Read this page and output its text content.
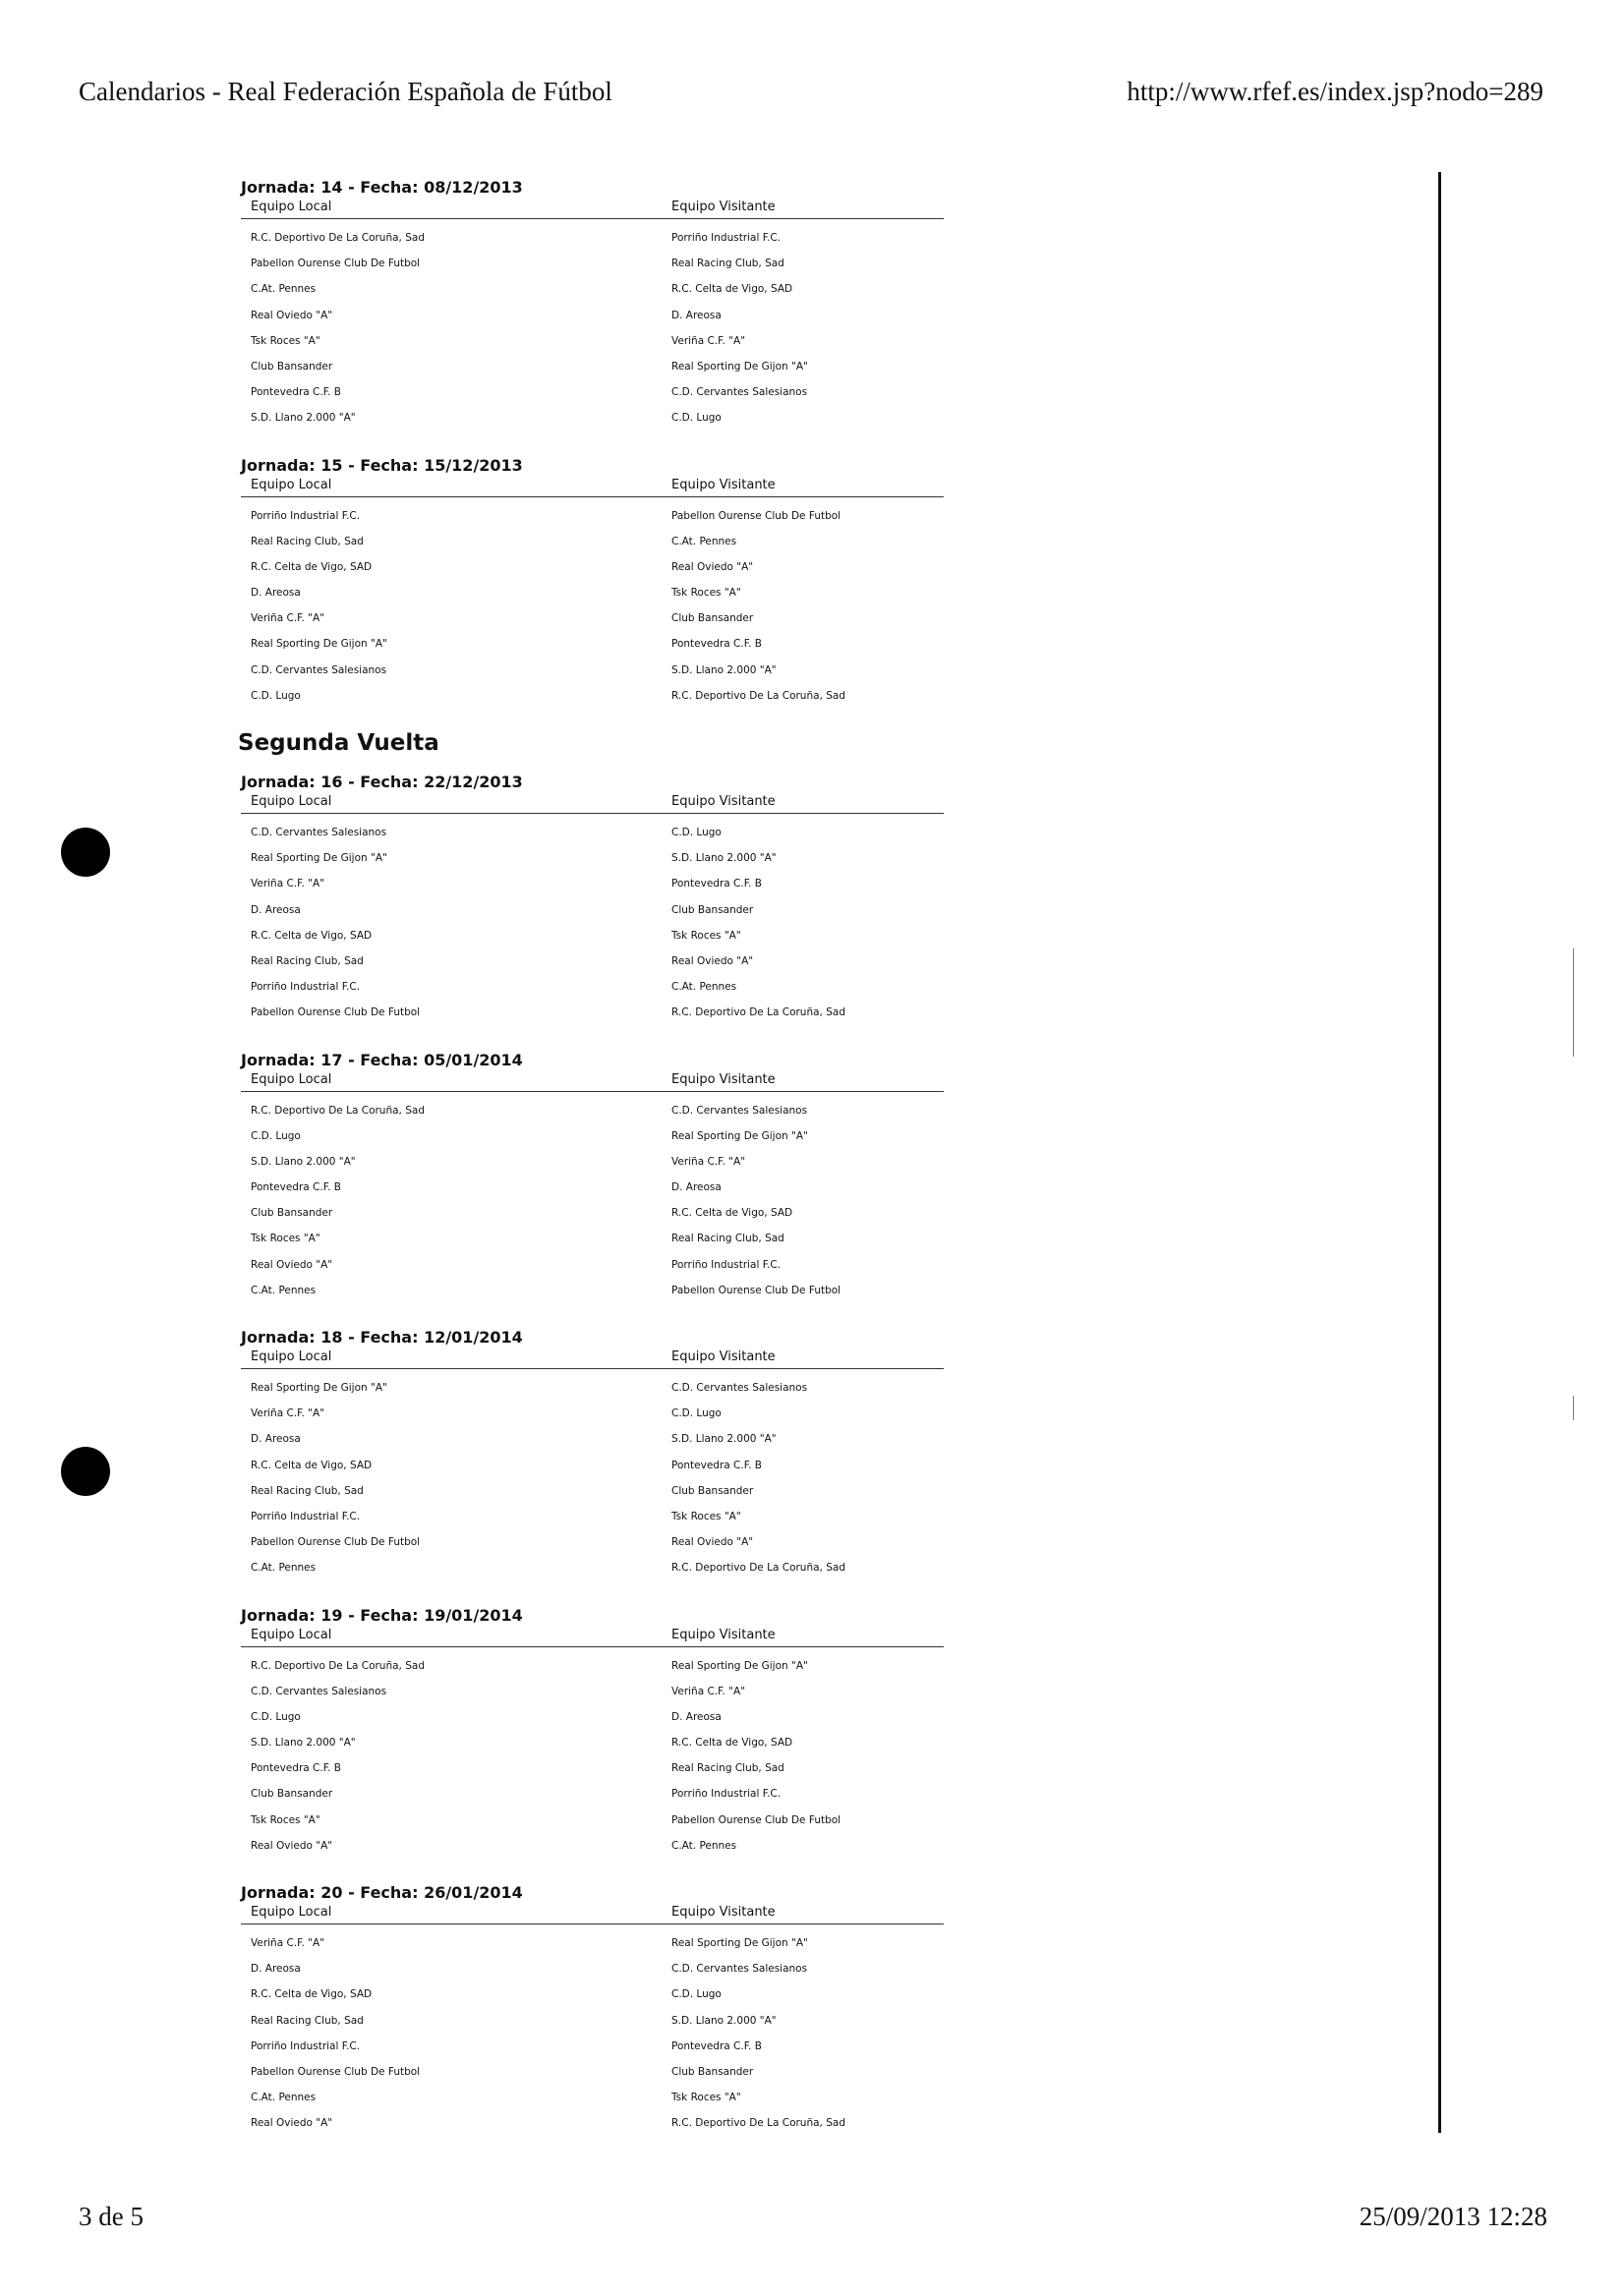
Calendarios - Real Federación Española de Fútbol	http://www.rfef.es/index.jsp?nodo=289
Jornada: 14 - Fecha: 08/12/2013
Equipo Local	Equipo Visitante
R.C. Deportivo De La Coruña, Sad	Porriño Industrial F.C.
Pabellon Ourense Club De Futbol	Real Racing Club, Sad
C.At. Pennes	R.C. Celta de Vigo, SAD
Real Oviedo "A"	D. Areosa
Tsk Roces "A"	Veriña C.F. "A"
Club Bansander	Real Sporting De Gijon "A"
Pontevedra C.F. B	C.D. Cervantes Salesianos
S.D. Llano 2.000 "A"	C.D. Lugo
Jornada: 15 - Fecha: 15/12/2013
Equipo Local	Equipo Visitante
Porriño Industrial F.C.	Pabellon Ourense Club De Futbol
Real Racing Club, Sad	C.At. Pennes
R.C. Celta de Vigo, SAD	Real Oviedo "A"
D. Areosa	Tsk Roces "A"
Veriña C.F. "A"	Club Bansander
Real Sporting De Gijon "A"	Pontevedra C.F. B
C.D. Cervantes Salesianos	S.D. Llano 2.000 "A"
C.D. Lugo	R.C. Deportivo De La Coruña, Sad
Segunda Vuelta
Jornada: 16 - Fecha: 22/12/2013
Equipo Local	Equipo Visitante
C.D. Cervantes Salesianos	C.D. Lugo
Real Sporting De Gijon "A"	S.D. Llano 2.000 "A"
Veriña C.F. "A"	Pontevedra C.F. B
D. Areosa	Club Bansander
R.C. Celta de Vigo, SAD	Tsk Roces "A"
Real Racing Club, Sad	Real Oviedo "A"
Porriño Industrial F.C.	C.At. Pennes
Pabellon Ourense Club De Futbol	R.C. Deportivo De La Coruña, Sad
Jornada: 17 - Fecha: 05/01/2014
Equipo Local	Equipo Visitante
R.C. Deportivo De La Coruña, Sad	C.D. Cervantes Salesianos
C.D. Lugo	Real Sporting De Gijon "A"
S.D. Llano 2.000 "A"	Veriña C.F. "A"
Pontevedra C.F. B	D. Areosa
Club Bansander	R.C. Celta de Vigo, SAD
Tsk Roces "A"	Real Racing Club, Sad
Real Oviedo "A"	Porriño Industrial F.C.
C.At. Pennes	Pabellon Ourense Club De Futbol
Jornada: 18 - Fecha: 12/01/2014
Equipo Local	Equipo Visitante
Real Sporting De Gijon "A"	C.D. Cervantes Salesianos
Veriña C.F. "A"	C.D. Lugo
D. Areosa	S.D. Llano 2.000 "A"
R.C. Celta de Vigo, SAD	Pontevedra C.F. B
Real Racing Club, Sad	Club Bansander
Porriño Industrial F.C.	Tsk Roces "A"
Pabellon Ourense Club De Futbol	Real Oviedo "A"
C.At. Pennes	R.C. Deportivo De La Coruña, Sad
Jornada: 19 - Fecha: 19/01/2014
Equipo Local	Equipo Visitante
R.C. Deportivo De La Coruña, Sad	Real Sporting De Gijon "A"
C.D. Cervantes Salesianos	Veriña C.F. "A"
C.D. Lugo	D. Areosa
S.D. Llano 2.000 "A"	R.C. Celta de Vigo, SAD
Pontevedra C.F. B	Real Racing Club, Sad
Club Bansander	Porriño Industrial F.C.
Tsk Roces "A"	Pabellon Ourense Club De Futbol
Real Oviedo "A"	C.At. Pennes
Jornada: 20 - Fecha: 26/01/2014
Equipo Local	Equipo Visitante
Veriña C.F. "A"	Real Sporting De Gijon "A"
D. Areosa	C.D. Cervantes Salesianos
R.C. Celta de Vigo, SAD	C.D. Lugo
Real Racing Club, Sad	S.D. Llano 2.000 "A"
Porriño Industrial F.C.	Pontevedra C.F. B
Pabellon Ourense Club De Futbol	Club Bansander
C.At. Pennes	Tsk Roces "A"
Real Oviedo "A"	R.C. Deportivo De La Coruña, Sad
3 de 5	25/09/2013 12:28
